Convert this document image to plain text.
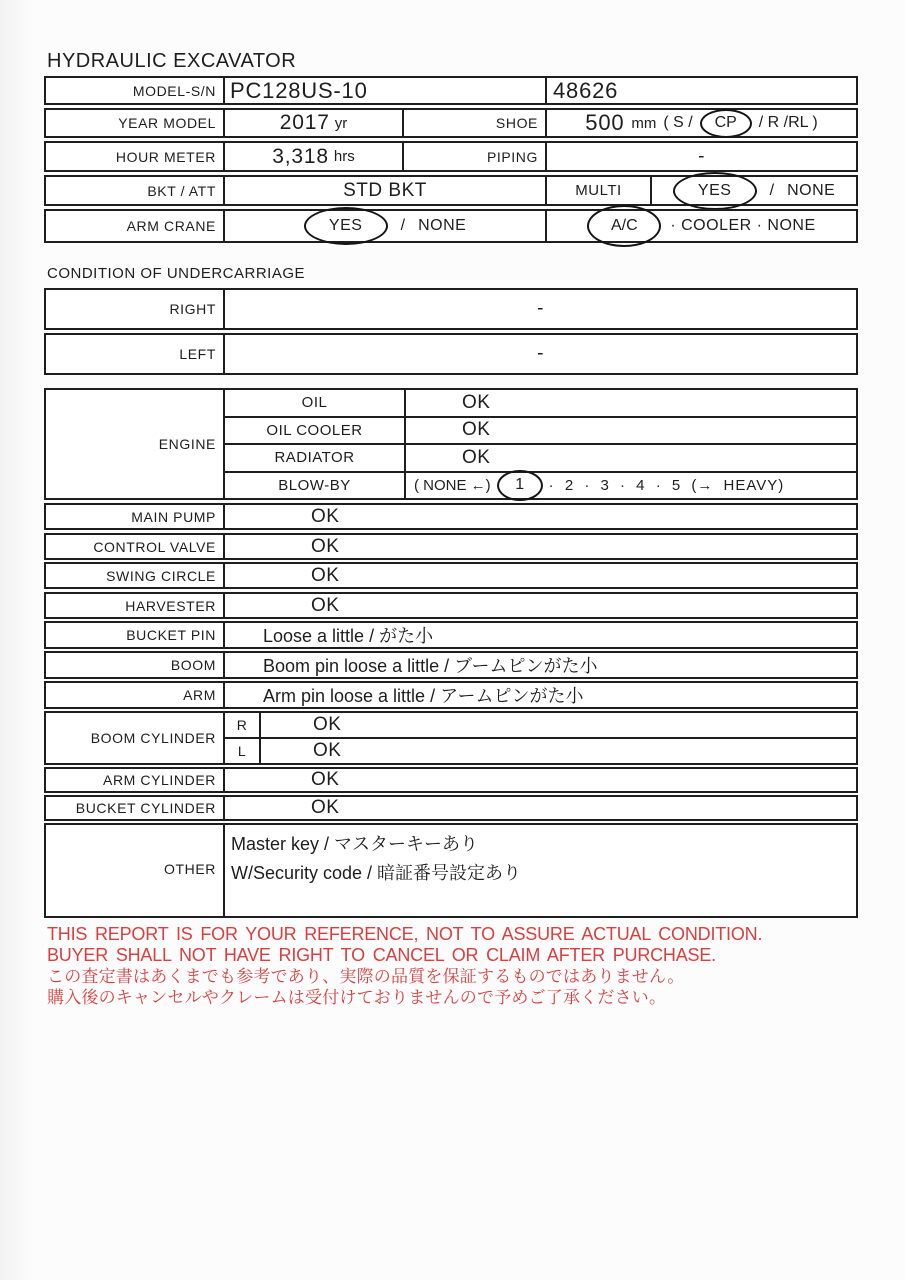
HYDRAULIC EXCAVATOR
MODEL-S/N PC128US-10	48626
YEAR MODEL	2017 yr	SHOE	500 mm ( S / CP / R /RL )
HOUR METER	3,318 hrs	PIPING	-
BKT / ATT	STD BKT	MULTI	YES / NONE
ARM CRANE	YES / NONE	A/C · COOLER · NONE
CONDITION OF UNDERCARRIAGE
RIGHT	-
LEFT	-
ENGINE
OIL	OK
OIL COOLER	OK
RADIATOR	OK
BLOW-BY	( NONE ←) 1 · 2 · 3 · 4 · 5 (→ HEAVY)
MAIN PUMP	OK
CONTROL VALVE	OK
SWING CIRCLE	OK
HARVESTER	OK
BUCKET PIN	Loose a little / がた小
BOOM	Boom pin loose a little / ブームピンがた小
ARM	Arm pin loose a little / アームピンがた小
BOOM CYLINDER
R	OK
L	OK
ARM CYLINDER	OK
BUCKET CYLINDER	OK
OTHER
Master key / マスターキーあり
W/Security code / 暗証番号設定あり
THIS REPORT IS FOR YOUR REFERENCE, NOT TO ASSURE ACTUAL CONDITION.
BUYER SHALL NOT HAVE RIGHT TO CANCEL OR CLAIM AFTER PURCHASE.
この査定書はあくまでも参考であり、実際の品質を保証するものではありません。
購入後のキャンセルやクレームは受付けておりませんので予めご了承ください。
